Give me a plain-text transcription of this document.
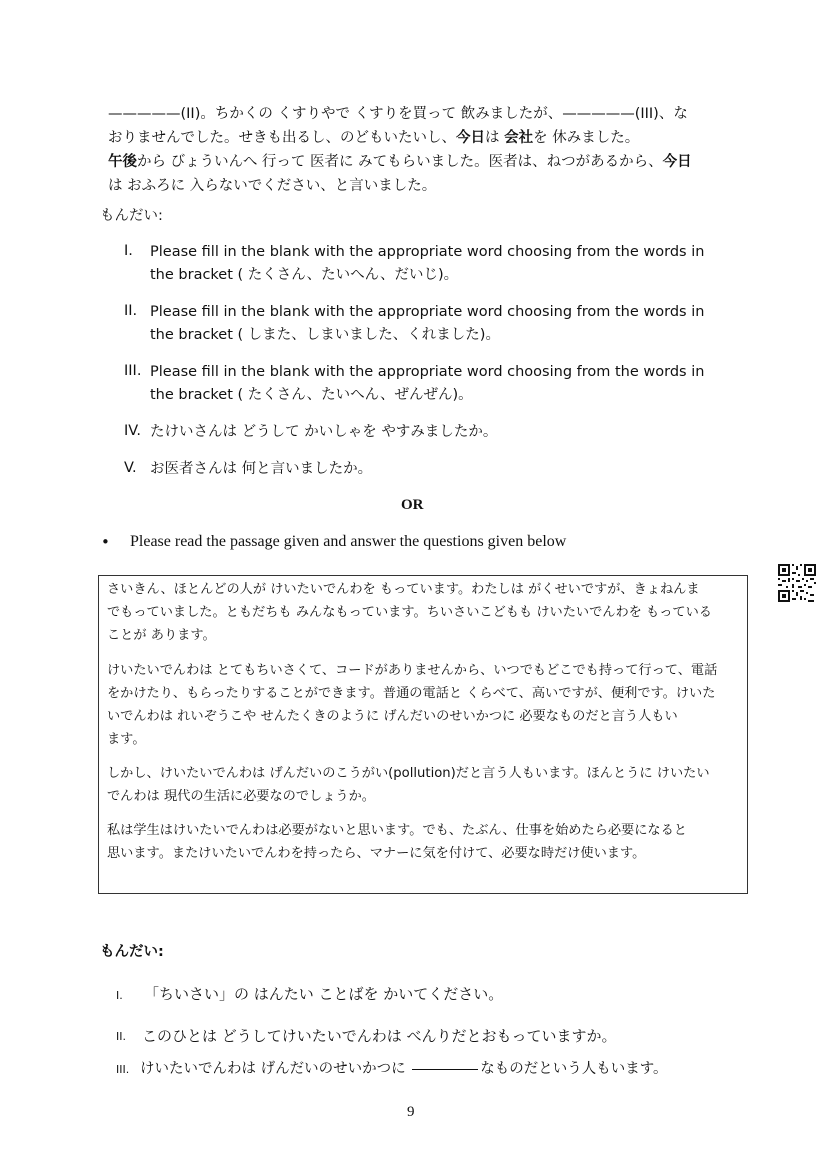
—————(II)。ちかくの くすりやで くすりを買って 飲みましたが、—————(III)、な
おりませんでした。せきも出るし、のどもいたいし、今日は 会社を 休みました。
午後から びょういんへ 行って 医者に みてもらいました。医者は、ねつがあるから、今日
は おふろに 入らないでください、と言いました。
もんだい:
I. Please fill in the blank with the appropriate word choosing from the words in
the bracket ( たくさん、たいへん、だいじ)。
II. Please fill in the blank with the appropriate word choosing from the words in
the bracket ( しまた、しまいました、くれました)。
III. Please fill in the blank with the appropriate word choosing from the words in
the bracket ( たくさん、たいへん、ぜんぜん)。
IV. たけいさんは どうして かいしゃを やすみましたか。
V. お医者さんは 何と言いましたか。
OR
• Please read the passage given and answer the questions given below
さいきん、ほとんどの人が けいたいでんわを もっています。わたしは がくせいですが、きょねんま
でもっていました。ともだちも みんなもっています。ちいさいこどもも けいたいでんわを もっている
ことが あります。
けいたいでんわは とてもちいさくて、コードがありませんから、いつでもどこでも持って行って、電話
をかけたり、もらったりすることができます。普通の電話と くらべて、高いですが、便利です。けいた
いでんわは れいぞうこや せんたくきのように げんだいのせいかつに 必要なものだと言う人もい
ます。
しかし、けいたいでんわは げんだいのこうがい(pollution)だと言う人もいます。ほんとうに けいたい
でんわは 現代の生活に必要なのでしょうか。
私は学生はけいたいでんわは必要がないと思います。でも、たぶん、仕事を始めたら必要になると
思います。またけいたいでんわを持ったら、マナーに気を付けて、必要な時だけ使います。
もんだい:
I. 「ちいさい」の はんたい ことばを かいてください。
II. このひとは どうしてけいたいでんわは べんりだとおもっていますか。
III. けいたいでんわは げんだいのせいかつに	なものだという人もいます。
9
